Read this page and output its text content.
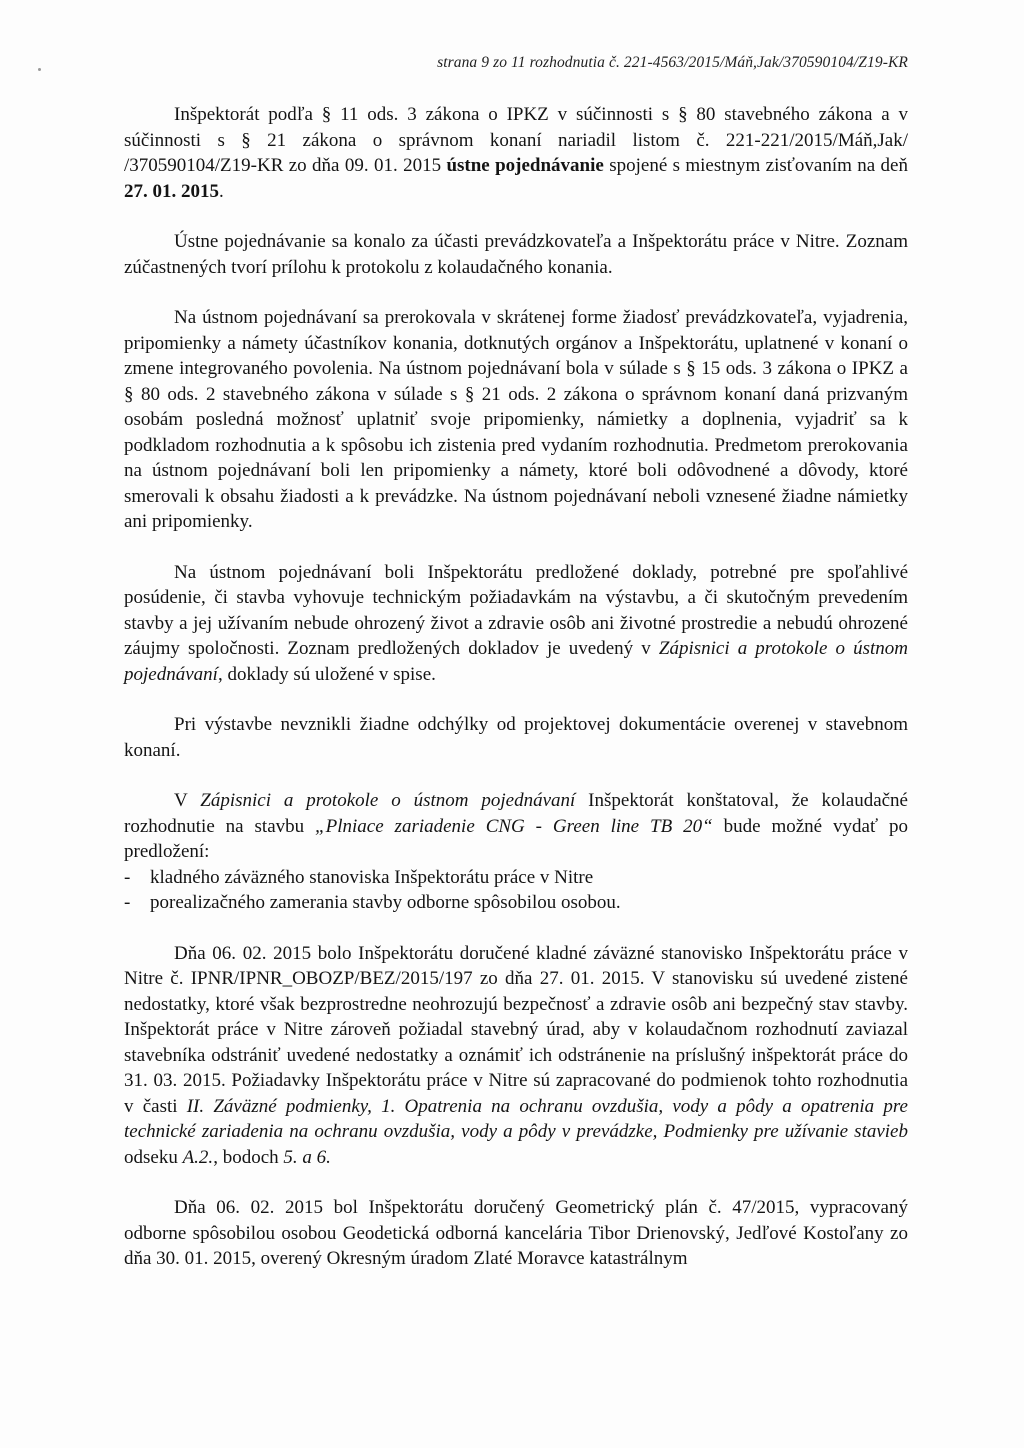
strana 9 zo 11 rozhodnutia č. 221-4563/2015/Máň,Jak/370590104/Z19-KR

Inšpektorát podľa § 11 ods. 3 zákona o IPKZ v súčinnosti s § 80 stavebného zákona a v súčinnosti s § 21 zákona o správnom konaní nariadil listom č. 221-221/2015/Máň,Jak/ /370590104/Z19-KR zo dňa 09. 01. 2015 ústne pojednávanie spojené s miestnym zisťovaním na deň 27. 01. 2015.

Ústne pojednávanie sa konalo za účasti prevádzkovateľa a Inšpektorátu práce v Nitre. Zoznam zúčastnených tvorí prílohu k protokolu z kolaudačného konania.

Na ústnom pojednávaní sa prerokovala v skrátenej forme žiadosť prevádzkovateľa, vyjadrenia, pripomienky a námety účastníkov konania, dotknutých orgánov a Inšpektorátu, uplatnené v konaní o zmene integrovaného povolenia. Na ústnom pojednávaní bola v súlade s § 15 ods. 3 zákona o IPKZ a § 80 ods. 2 stavebného zákona v súlade s § 21 ods. 2 zákona o správnom konaní daná prizvaným osobám posledná možnosť uplatniť svoje pripomienky, námietky a doplnenia, vyjadriť sa k podkladom rozhodnutia a k spôsobu ich zistenia pred vydaním rozhodnutia. Predmetom prerokovania na ústnom pojednávaní boli len pripomienky a námety, ktoré boli odôvodnené a dôvody, ktoré smerovali k obsahu žiadosti a k prevádzke. Na ústnom pojednávaní neboli vznesené žiadne námietky ani pripomienky.

Na ústnom pojednávaní boli Inšpektorátu predložené doklady, potrebné pre spoľahlivé posúdenie, či stavba vyhovuje technickým požiadavkám na výstavbu, a či skutočným prevedením stavby a jej užívaním nebude ohrozený život a zdravie osôb ani životné prostredie a nebudú ohrozené záujmy spoločnosti. Zoznam predložených dokladov je uvedený v Zápisnici a protokole o ústnom pojednávaní, doklady sú uložené v spise.

Pri výstavbe nevznikli žiadne odchýlky od projektovej dokumentácie overenej v stavebnom konaní.

V Zápisnici a protokole o ústnom pojednávaní Inšpektorát konštatoval, že kolaudačné rozhodnutie na stavbu „Plniace zariadenie CNG - Green line TB 20“ bude možné vydať po predložení:

- kladného záväzného stanoviska Inšpektorátu práce v Nitre
- porealizačného zamerania stavby odborne spôsobilou osobou.

Dňa 06. 02. 2015 bolo Inšpektorátu doručené kladné záväzné stanovisko Inšpektorátu práce v Nitre č. IPNR/IPNR_OBOZP/BEZ/2015/197 zo dňa 27. 01. 2015. V stanovisku sú uvedené zistené nedostatky, ktoré však bezprostredne neohrozujú bezpečnosť a zdravie osôb ani bezpečný stav stavby. Inšpektorát práce v Nitre zároveň požiadal stavebný úrad, aby v kolaudačnom rozhodnutí zaviazal stavebníka odstrániť uvedené nedostatky a oznámiť ich odstránenie na príslušný inšpektorát práce do 31. 03. 2015. Požiadavky Inšpektorátu práce v Nitre sú zapracované do podmienok tohto rozhodnutia v časti II. Záväzné podmienky, 1. Opatrenia na ochranu ovzdušia, vody a pôdy a opatrenia pre technické zariadenia na ochranu ovzdušia, vody a pôdy v prevádzke, Podmienky pre užívanie stavieb odseku A.2., bodoch 5. a 6.

Dňa 06. 02. 2015 bol Inšpektorátu doručený Geometrický plán č. 47/2015, vypracovaný odborne spôsobilou osobou Geodetická odborná kancelária Tibor Drienovský, Jedľové Kostoľany zo dňa 30. 01. 2015, overený Okresným úradom Zlaté Moravce katastrálnym
